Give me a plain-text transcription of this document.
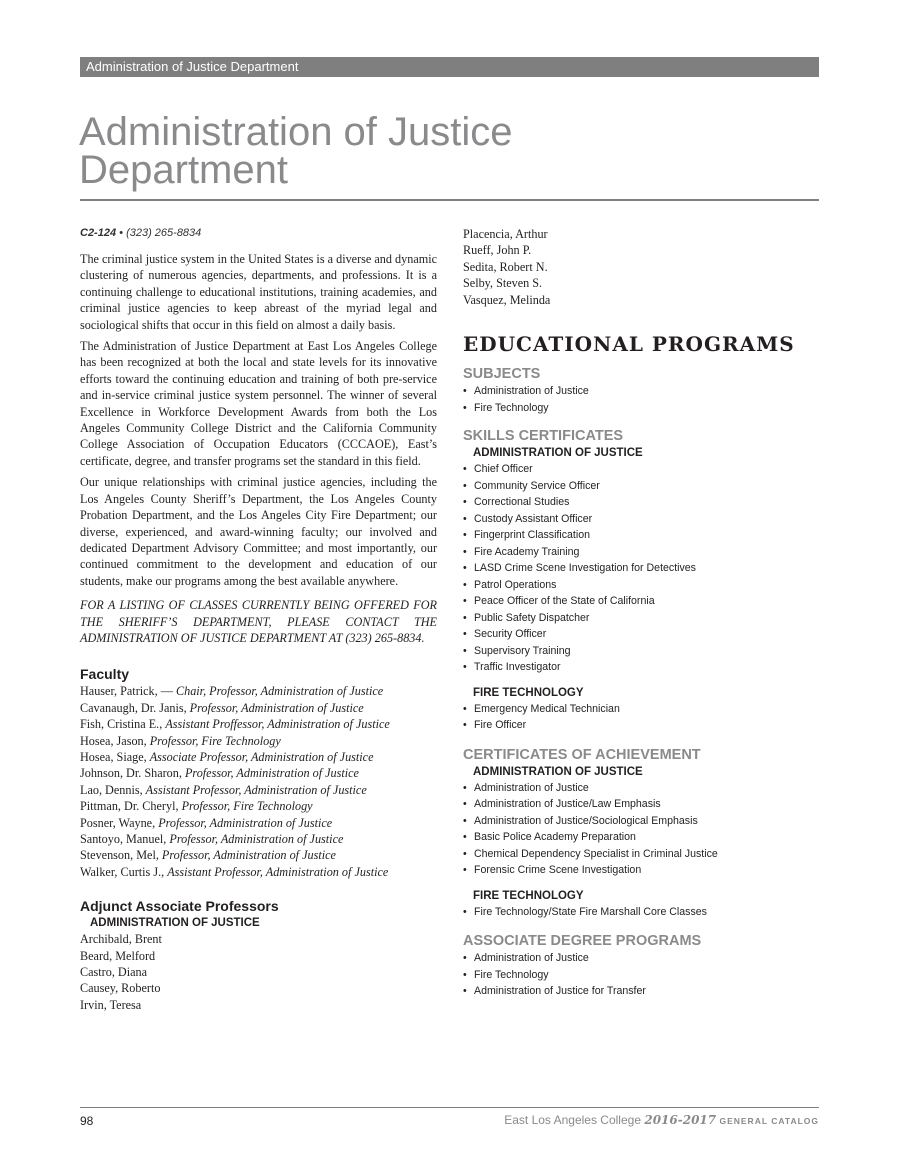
Administration of Justice Department
Administration of Justice
Department

C2-124 • (323) 265-8834

The criminal justice system in the United States is a diverse and dynamic clustering of numerous agencies, departments, and professions. It is a continuing challenge to educational institutions, training academies, and criminal justice agencies to keep abreast of the myriad legal and sociological shifts that occur in this field on almost a daily basis.

The Administration of Justice Department at East Los Angeles College has been recognized at both the local and state levels for its innovative efforts toward the continuing education and training of both pre-service and in-service criminal justice system personnel. The winner of several Excellence in Workforce Development Awards from both the Los Angeles Community College District and the California Community College Association of Occupation Educators (CCCAOE), East’s certificate, degree, and transfer programs set the standard in this field.

Our unique relationships with criminal justice agencies, including the Los Angeles County Sheriff’s Department, the Los Angeles County Probation Department, and the Los Angeles City Fire Department; our diverse, experienced, and award-winning faculty; our involved and dedicated Department Advisory Committee; and most importantly, our continued commitment to the development and education of our students, make our programs among the best available anywhere.

FOR A LISTING OF CLASSES CURRENTLY BEING OFFERED FOR THE SHERIFF’S DEPARTMENT, PLEASE CONTACT THE ADMINISTRATION OF JUSTICE DEPARTMENT AT (323) 265-8834.

Faculty

Hauser, Patrick, — Chair, Professor, Administration of Justice

Cavanaugh, Dr. Janis, Professor, Administration of Justice

Fish, Cristina E., Assistant Proffessor, Administration of Justice

Hosea, Jason, Professor, Fire Technology

Hosea, Siage, Associate Professor, Administration of Justice

Johnson, Dr. Sharon, Professor, Administration of Justice

Lao, Dennis, Assistant Professor, Administration of Justice

Pittman, Dr. Cheryl, Professor, Fire Technology

Posner, Wayne, Professor, Administration of Justice

Santoyo, Manuel, Professor, Administration of Justice

Stevenson, Mel, Professor, Administration of Justice

Walker, Curtis J., Assistant Professor, Administration of Justice

Adjunct Associate Professors
ADMINISTRATION OF JUSTICE

Archibald, Brent

Beard, Melford

Castro, Diana

Causey, Roberto

Irvin, Teresa

Placencia, Arthur

Rueff, John P.

Sedita, Robert N.

Selby, Steven S.

Vasquez, Melinda

EDUCATIONAL PROGRAMS
SUBJECTS
• Administration of Justice
• Fire Technology
SKILLS CERTIFICATES
ADMINISTRATION OF JUSTICE
• Chief Officer
• Community Service Officer
• Correctional Studies
• Custody Assistant Officer
• Fingerprint Classification
• Fire Academy Training
• LASD Crime Scene Investigation for Detectives
• Patrol Operations
• Peace Officer of the State of California
• Public Safety Dispatcher
• Security Officer
• Supervisory Training
• Traffic Investigator
FIRE TECHNOLOGY
• Emergency Medical Technician
• Fire Officer
CERTIFICATES OF ACHIEVEMENT
ADMINISTRATION OF JUSTICE
• Administration of Justice
• Administration of Justice/Law Emphasis
• Administration of Justice/Sociological Emphasis
• Basic Police Academy Preparation
• Chemical Dependency Specialist in Criminal Justice
• Forensic Crime Scene Investigation
FIRE TECHNOLOGY
• Fire Technology/State Fire Marshall Core Classes
ASSOCIATE DEGREE PROGRAMS
• Administration of Justice
• Fire Technology
• Administration of Justice for Transfer
98	East Los Angeles College 2016-2017 GENERAL CATALOG
